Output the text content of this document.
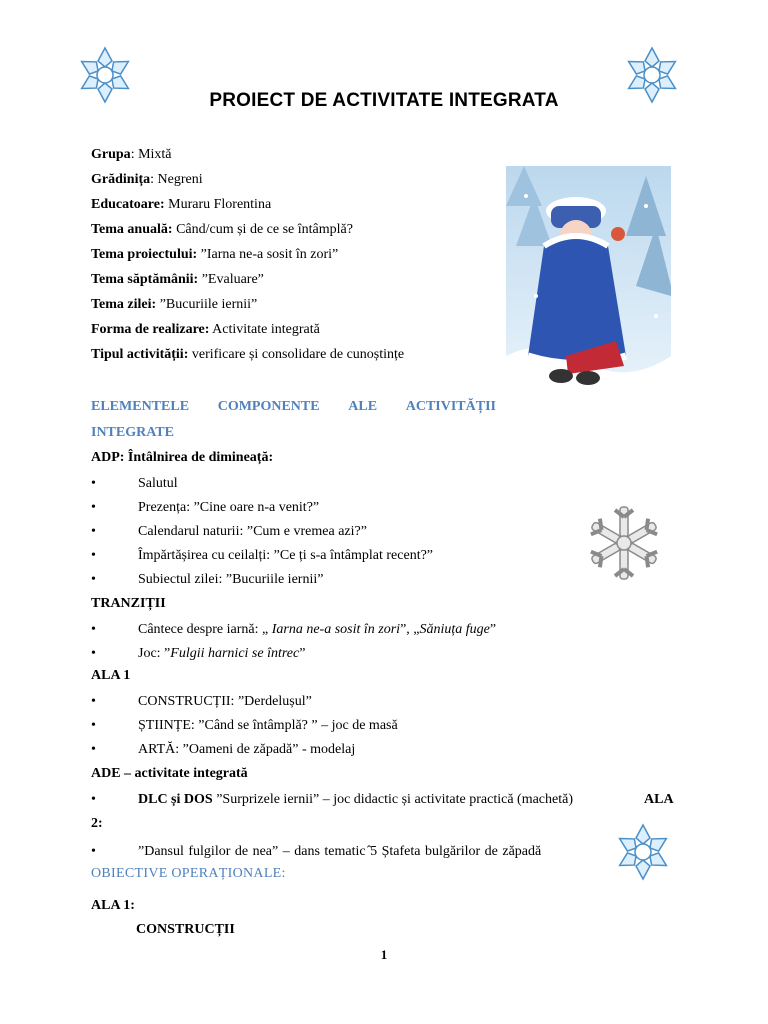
PROIECT DE ACTIVITATE INTEGRATA
Grupa: Mixtă
Grădinița: Negreni
Educatoare: Muraru Florentina
Tema anuală: Când/cum și de ce se întâmplă?
Tema proiectului: ”Iarna ne-a sosit în zori”
Tema săptămânii: ”Evaluare”
Tema zilei: ”Bucuriile iernii”
Forma de realizare: Activitate integrată
Tipul activității: verificare și consolidare de cunoștințe
ELEMENTELE COMPONENTE ALE ACTIVITĂȚII
INTEGRATE
ADP: Întâlnirea de dimineață:
•	Salutul
•	Prezența: ”Cine oare n-a venit?”
•	Calendarul naturii: ”Cum e vremea azi?”
•	Împărtășirea cu ceilalți: ”Ce ți s-a întâmplat recent?”
•	Subiectul zilei: ”Bucuriile iernii”
TRANZIȚII
•	Cântece despre iarnă: „ Iarna ne-a sosit în zori”, „Săniuța fuge”
•	Joc: ”Fulgii harnici se întrec”
ALA 1
•	CONSTRUCȚII: ”Derdelușul”
•	ȘTIINȚE: ”Când se întâmplă? ” – joc de masă
•	ARTĂ: ”Oameni de zăpadă” - modelaj
ADE – activitate integrată
•	DLC și DOS ”Surprizele iernii” – joc didactic și activitate practică (machetă)	ALA
2:
•	”Dansul fulgilor de nea” – dans tematic ̂5 Ștafeta bulgărilor de zăpadă
OBIECTIVE OPERAȚIONALE:
ALA 1:
CONSTRUCȚII
1
